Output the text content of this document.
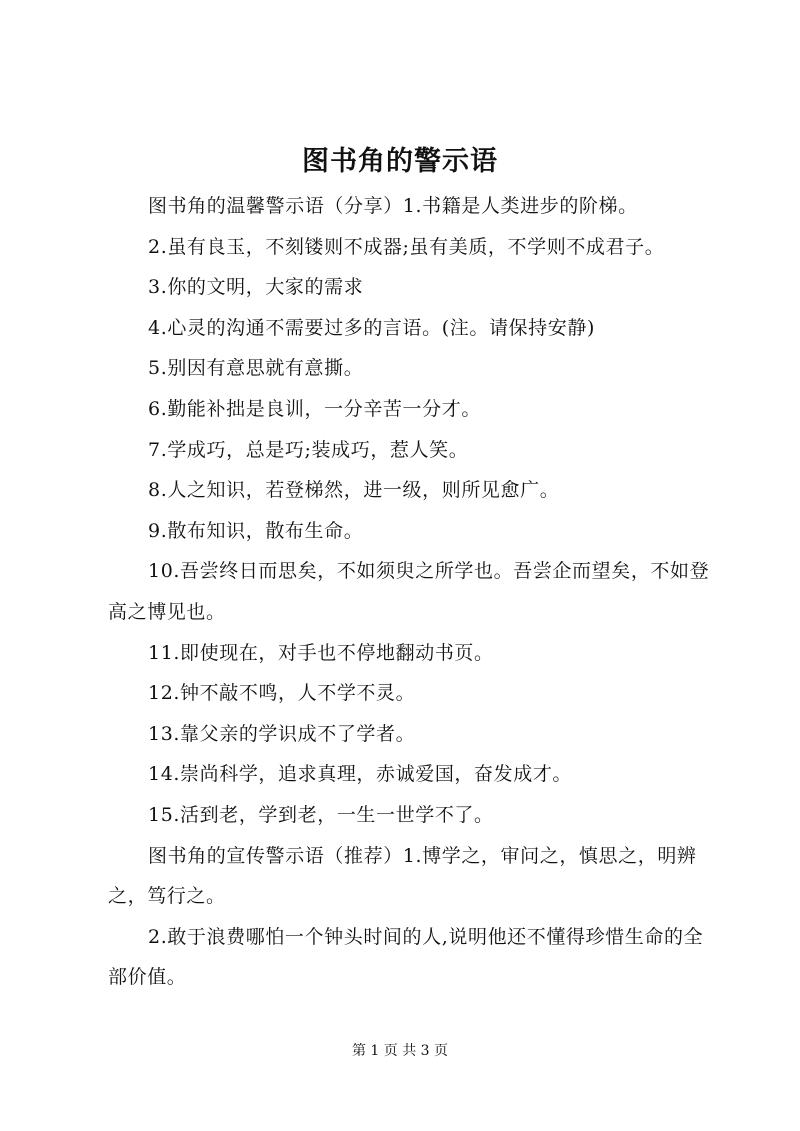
图书角的警示语

图书角的温馨警示语（分享）1.书籍是人类进步的阶梯。

2.虽有良玉，不刻镂则不成器;虽有美质，不学则不成君子。

3.你的文明，大家的需求

4.心灵的沟通不需要过多的言语。(注。请保持安静)

5.别因有意思就有意撕。

6.勤能补拙是良训，一分辛苦一分才。

7.学成巧，总是巧;装成巧，惹人笑。

8.人之知识，若登梯然，进一级，则所见愈广。

9.散布知识，散布生命。

10.吾尝终日而思矣，不如须臾之所学也。吾尝企而望矣，不如登高之博见也。

11.即使现在，对手也不停地翻动书页。

12.钟不敲不鸣，人不学不灵。

13.靠父亲的学识成不了学者。

14.崇尚科学，追求真理，赤诚爱国，奋发成才。

15.活到老，学到老，一生一世学不了。

图书角的宣传警示语（推荐）1.博学之，审问之，慎思之，明辨之，笃行之。

2.敢于浪费哪怕一个钟头时间的人,说明他还不懂得珍惜生命的全部价值。

第 1 页 共 3 页
